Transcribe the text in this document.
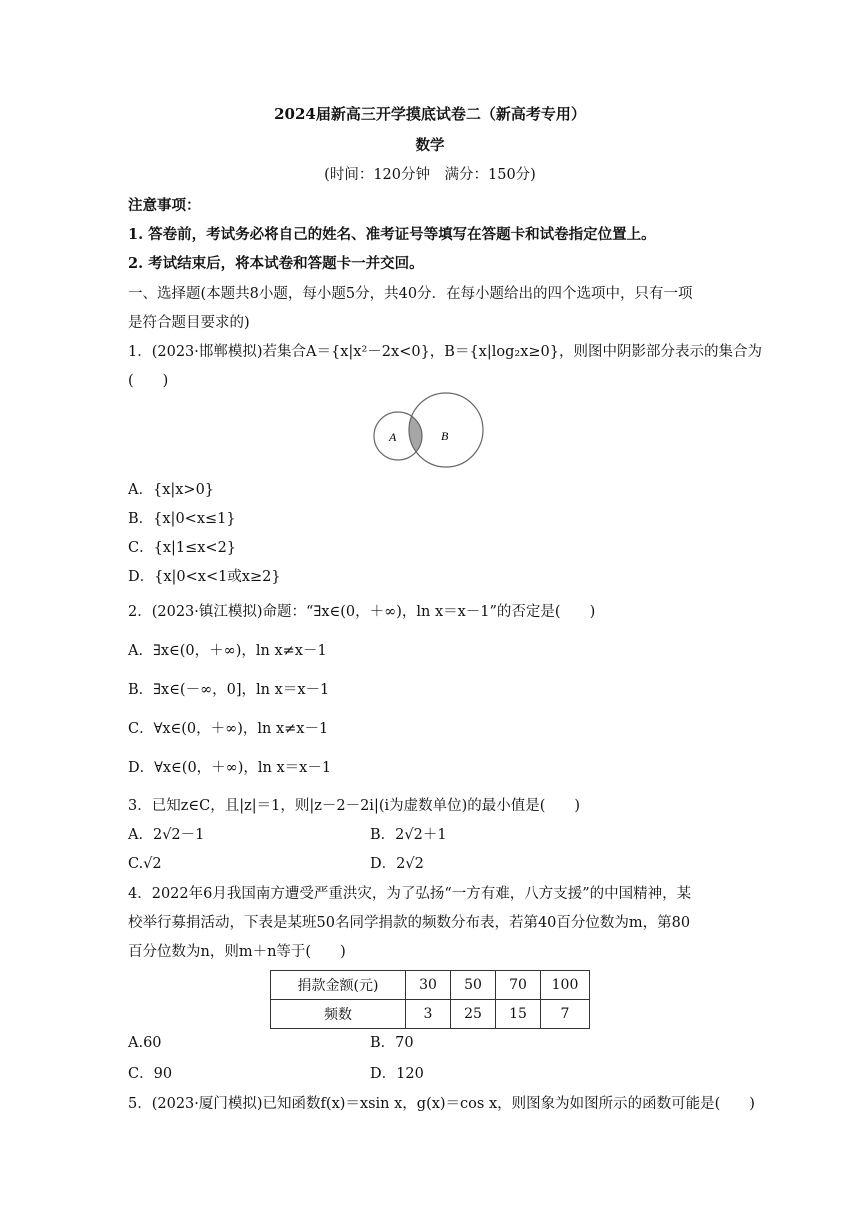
2024届新高三开学摸底试卷二（新高考专用）
数学
(时间：120分钟　满分：150分)
注意事项：
1. 答卷前，考试务必将自己的姓名、准考证号等填写在答题卡和试卷指定位置上。
2. 考试结束后，将本试卷和答题卡一并交回。
一、选择题(本题共8小题，每小题5分，共40分．在每小题给出的四个选项中，只有一项
是符合题目要求的)
1．(2023·邯郸模拟)若集合A＝{x|x²－2x<0}，B＝{x|log₂x≥0}，则图中阴影部分表示的集合为
(　　)
A	B
A．{x|x>0}
B．{x|0<x≤1}
C．{x|1≤x<2}
D．{x|0<x<1或x≥2}
2．(2023·镇江模拟)命题：“∃x∈(0，＋∞)，ln x＝x－1”的否定是(　　)
A．∃x∈(0，＋∞)，ln x≠x－1
B．∃x∈(－∞，0]，ln x＝x－1
C．∀x∈(0，＋∞)，ln x≠x－1
D．∀x∈(0，＋∞)，ln x＝x－1
3．已知z∈C，且|z|＝1，则|z－2－2i|(i为虚数单位)的最小值是(　　)
A．2√2－1	B．2√2＋1
C.√2	D．2√2
4．2022年6月我国南方遭受严重洪灾，为了弘扬“一方有难，八方支援”的中国精神，某
校举行募捐活动，下表是某班50名同学捐款的频数分布表，若第40百分位数为m，第80
百分位数为n，则m＋n等于(　　)
捐款金额(元)	30	50	70	100
频数	3	25	15	7
A.60	B．70
C．90	D．120
5．(2023·厦门模拟)已知函数f(x)＝xsin x，g(x)＝cos x，则图象为如图所示的函数可能是(　　)
